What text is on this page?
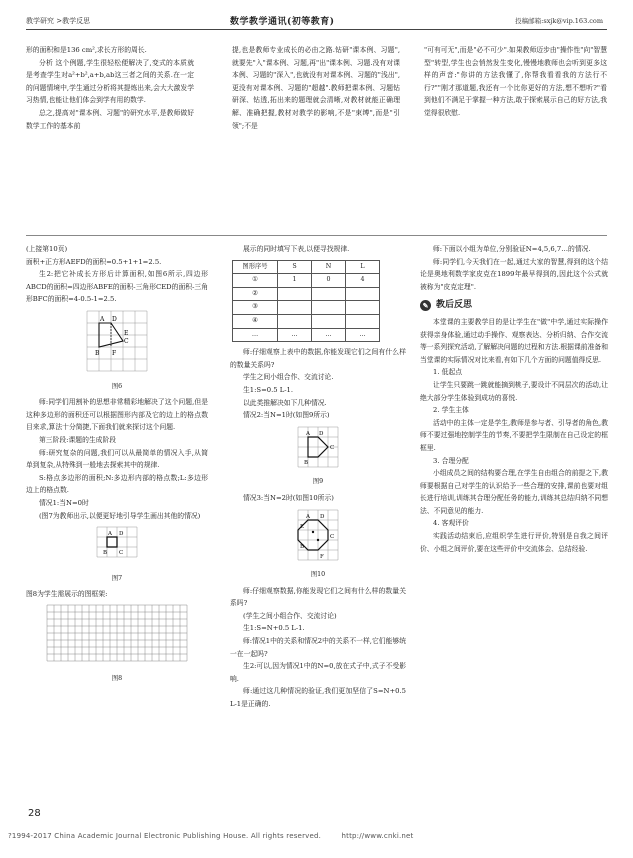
教学研究 >教学反思	数学教学通讯(初等教育)	投稿邮箱:sxjk@vip.163.com

形的面积和是136 cm²,求长方形的周长.

分析 这个例题,学生很轻松便解决了,变式的本质就是考查学生对a²+b²,a+b,ab这三者之间的关系.在一定的问题情境中,学生通过分析将其提炼出来,会大大激发学习热情,也能让他们体会到学有用的数学.

总之,提高对"课本例、习题"的研究水平,是教师做好数学工作的基本前

提,也是教师专业成长的必由之路.钻研"课本例、习题",就要先"入"课本例、习题,再"出"课本例、习题.没有对课本例、习题的"深入",也就没有对课本例、习题的"浅出",更没有对课本例、习题的"超越".教师把课本例、习题钻研深、钻透,拓出来的题理就会清晰,对教材就能正确理解、准确把握,教材对教学的影响,不是"束缚",而是"引领";不是

"可有可无",而是"必不可少".如果教师迈步由"操作性"向"智慧型"转型,学生也会悄然发生变化,慢慢地教师也会听到更多这样的声音:"你讲的方法我懂了,你帮我看看我的方法行不行?""刚才那道题,我还有一个比你更好的方法,想不想听?"看到他们不满足于掌握一种方法,敢于探索展示自己的好方法,我觉得很欣慰.

(上接第10页)

面积+正方形AEFD的面积=0.5+1+1=2.5.

生2:把它补成长方形后计算面积,如图6所示,四边形ABCD的面积=四边形ABFE的面积-三角形CED的面积-三角形BFC的面积=4-0.5-1=2.5.

A D
C
B F
E
图6

师:同学们用割补的思想非常精彩地解决了这个问题,但是这种多边形的面积还可以根据图形内部及它的边上的格点数目来求,算法十分简捷,下面我们就来探讨这个问题.

第三阶段:课题的生成阶段

师:研究复杂的问题,我们可以从最简单的情况入手,从简单到复杂,从特殊到一般地去探索其中的规律.

S:格点多边形的面积;N:多边形内部的格点数;L:多边形边上的格点数.

情况1:当N=0时

(图7为教师出示,以便更好地引导学生画出其他的情况)

A D
B C
图7

图8为学生需展示的图框架:

图8

展示的同时填写下表,以便寻找规律.

图形序号	S	N	L
①	1	0	4
②			
③			
④			
…	…	…	…

师:仔细观察上表中的数据,你能发现它们之间有什么样的数量关系吗?

学生之间小组合作、交流讨论.

生1:S=0.5 L-1.

以此类推解决如下几种情况.

情况2:当N=1时(如图9所示)

A D
C
B
图9

情况3:当N=2时(如图10所示)

A D
C
B
E
F
图10

师:仔细观察数据,你能发现它们之间有什么样的数量关系吗?

(学生之间小组合作、交流讨论)

生1:S=N+0.5 L-1.

师:情况1中的关系和情况2中的关系不一样,它们能够统一在一起吗?

生2:可以,因为情况1中的N=0,放在式子中,式子不受影响.

师:通过这几种情况的验证,我们更加坚信了S=N+0.5 L-1是正确的.

师:下面以小组为单位,分别验证N=4,5,6,7…的情况.

师:同学们,今天我们在一起,通过大家的智慧,得到的这个结论是奥地利数学家皮克在1899年最早得到的,因此这个公式就被称为"皮克定理".

✎ 教后反思

本堂课的主要教学目的是让学生在"做"中学,通过实际操作获得亲身体验,通过动手操作、观察表达、分析归纳、合作交流等一系列探究活动,了解解决问题的过程和方法.根据课前准备和当堂课的实际情况对比来看,有如下几个方面的问题值得反思.

1. 低起点

让学生只要跳一跳就能摘到桃子,要设计不同层次的活动,让绝大部分学生体验到成功的喜悦.

2. 学生主体

活动中的主体一定是学生,教师是参与者、引导者的角色,教师不要过强地控制学生的节奏,不要把学生限制在自己设定的框框里.

3. 合理分配

小组成员之间的结构要合理,在学生自由组合的前提之下,教师要根据自己对学生的认识给予一些合理的安排,课前也要对组长进行培训,训练其合理分配任务的能力,训练其总结归纳不同想法、不同意见的能力.

4. 客观评价

实践活动结束后,应组织学生进行评价,特别是自我之间评价、小组之间评价,要在这些评价中交流体会、总结经验.

28
?1994-2017 China Academic Journal Electronic Publishing House. All rights reserved.	http://www.cnki.net
